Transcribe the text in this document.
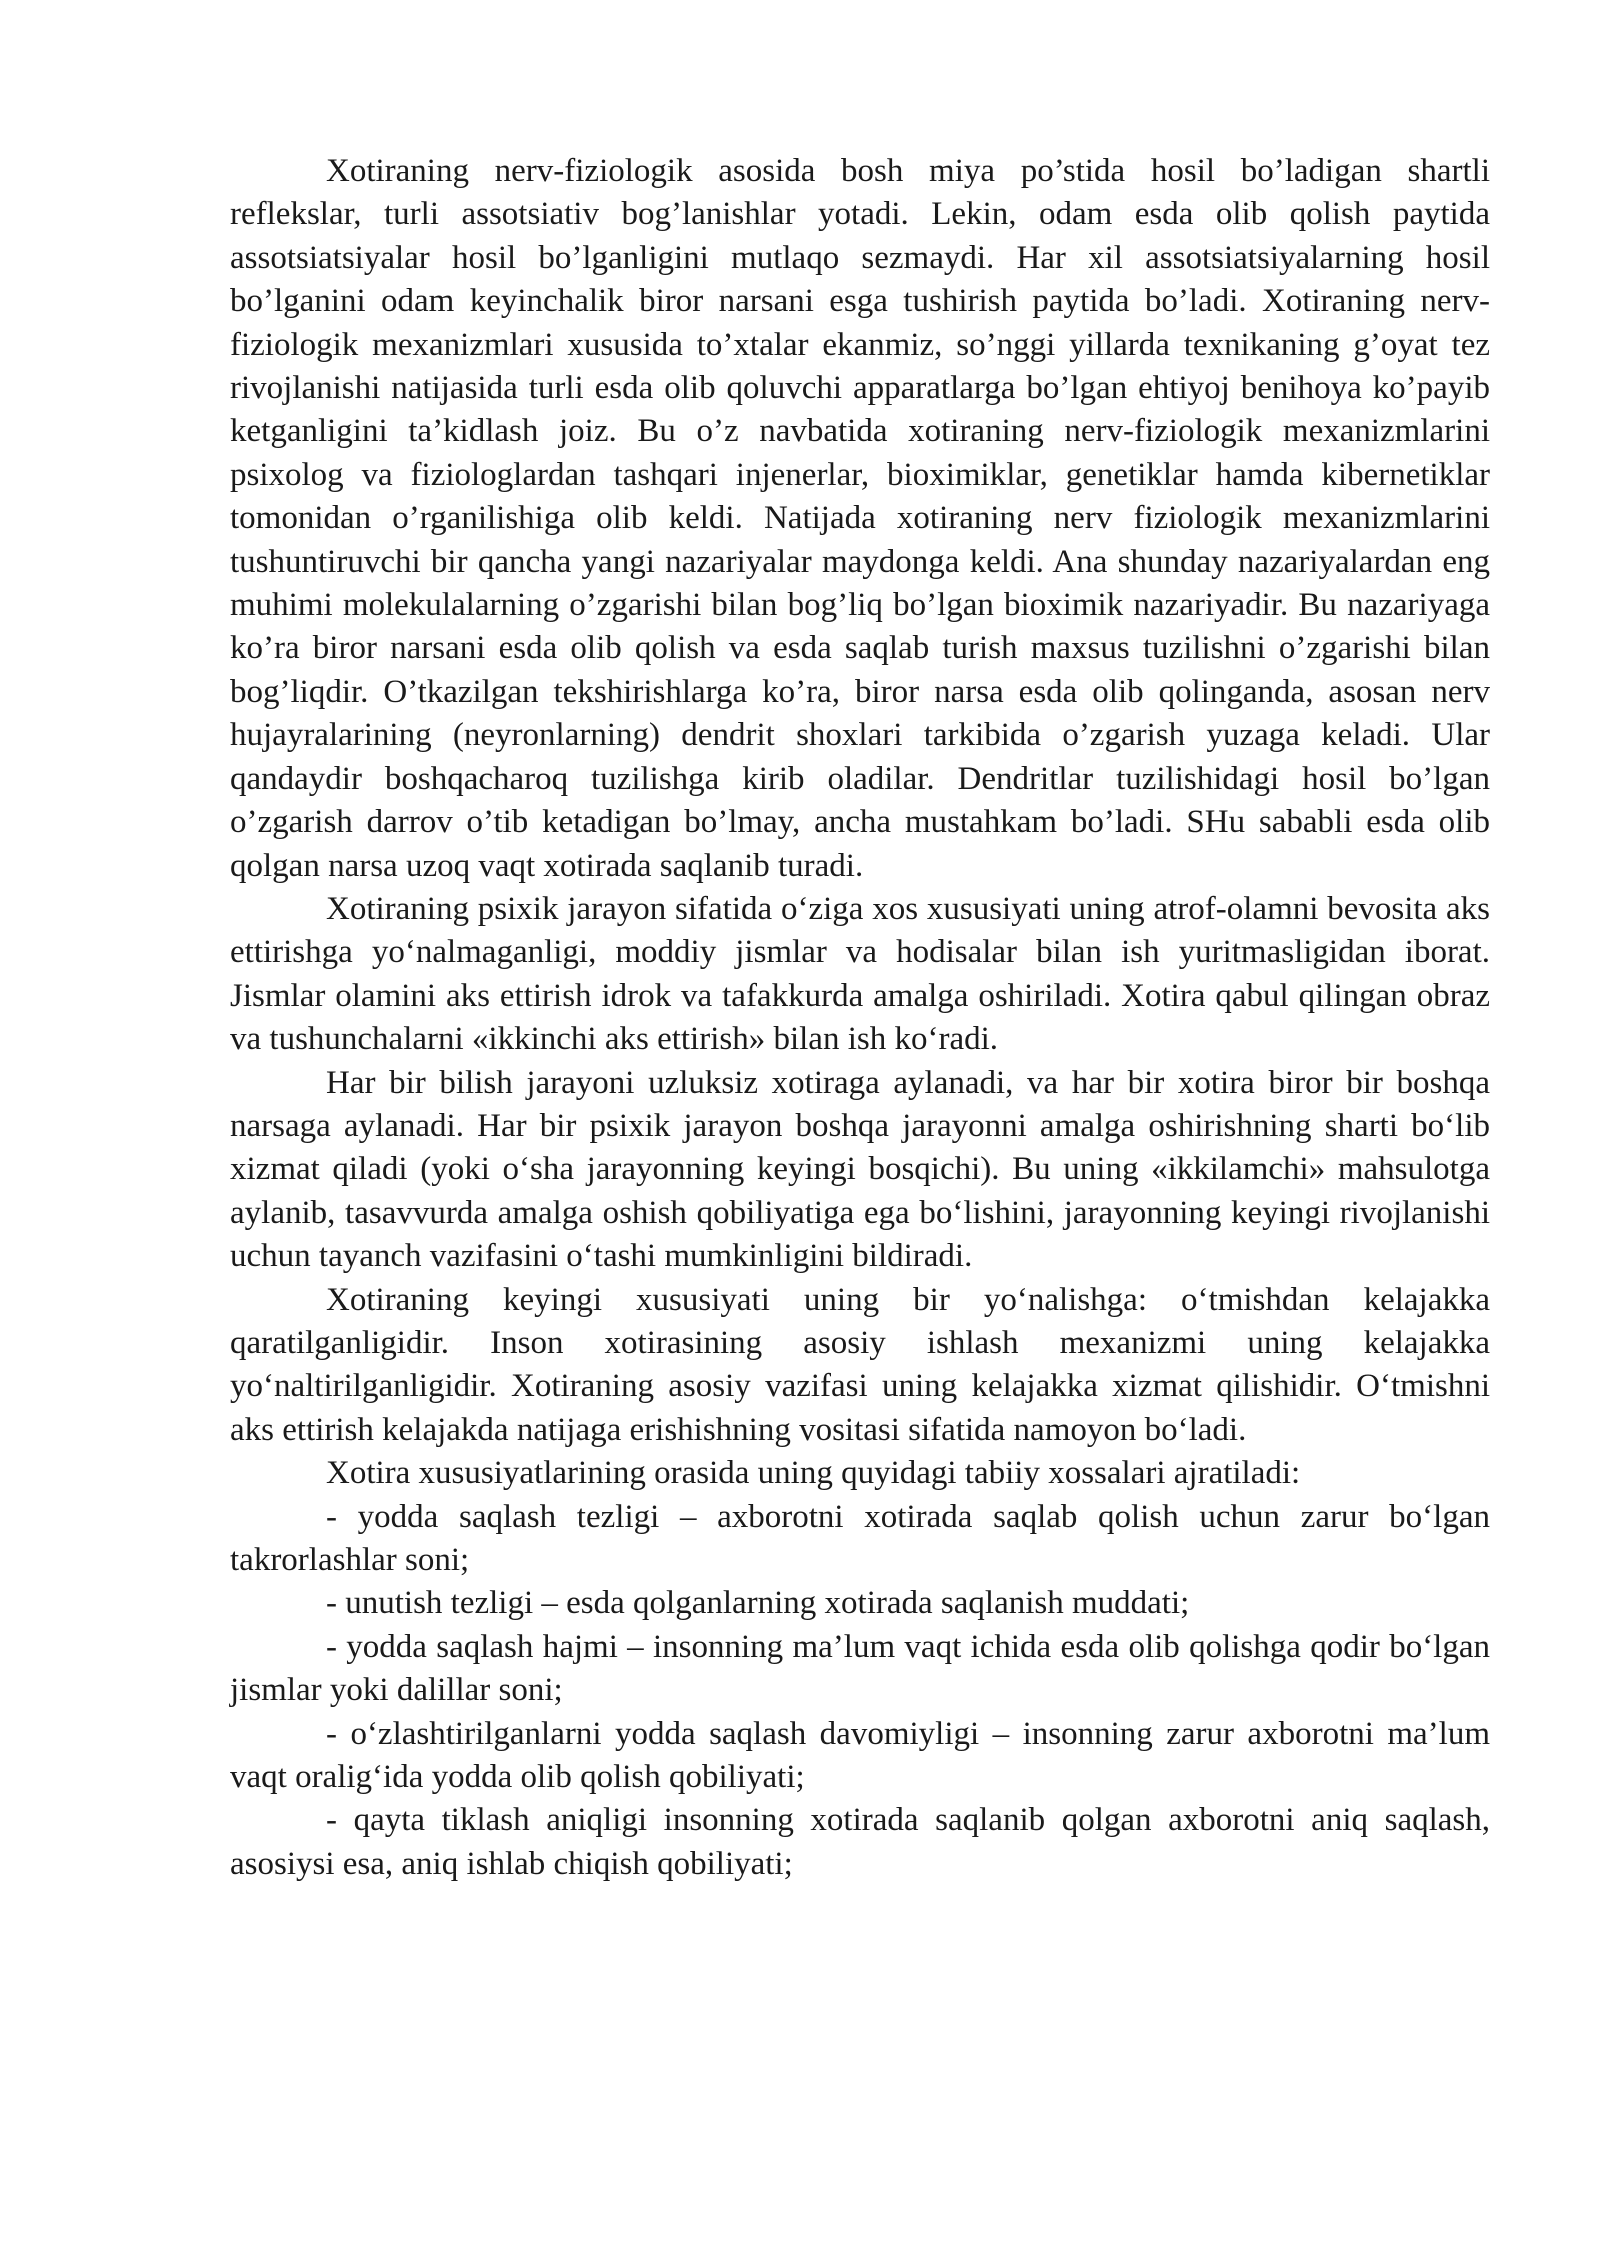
Xotiraning nerv-fiziologik asosida bosh miya po’stida hosil bo’ladigan shartli reflekslar, turli assotsiativ bog’lanishlar yotadi. Lekin, odam esda olib qolish paytida assotsiatsiyalar hosil bo’lganligini mutlaqo sezmaydi. Har xil assotsiatsiyalarning hosil bo’lganini odam keyinchalik biror narsani esga tushirish paytida bo’ladi. Xotiraning nerv-fiziologik mexanizmlari xususida to’xtalar ekanmiz, so’nggi yillarda texnikaning g’oyat tez rivojlanishi natijasida turli esda olib qoluvchi apparatlarga bo’lgan ehtiyoj benihoya ko’payib ketganligini ta’kidlash joiz. Bu o’z navbatida xotiraning nerv-fiziologik mexanizmlarini psixolog va fiziologlardan tashqari injenerlar, bioximiklar, genetiklar hamda kibernetiklar tomonidan o’rganilishiga olib keldi. Natijada xotiraning nerv fiziologik mexanizmlarini tushuntiruvchi bir qancha yangi nazariyalar maydonga keldi. Ana shunday nazariyalardan eng muhimi molekulalarning o’zgarishi bilan bog’liq bo’lgan bioximik nazariyadir. Bu nazariyaga ko’ra biror narsani esda olib qolish va esda saqlab turish maxsus tuzilishni o’zgarishi bilan bog’liqdir. O’tkazilgan tekshirishlarga ko’ra, biror narsa esda olib qolinganda, asosan nerv hujayralarining (neyronlarning) dendrit shoxlari tarkibida o’zgarish yuzaga keladi. Ular qandaydir boshqacharoq tuzilishga kirib oladilar. Dendritlar tuzilishidagi hosil bo’lgan o’zgarish darrov o’tib ketadigan bo’lmay, ancha mustahkam bo’ladi. SHu sababli esda olib qolgan narsa uzoq vaqt xotirada saqlanib turadi.

Xotiraning psixik jarayon sifatida o‘ziga xos xususiyati uning atrof-olamni bevosita aks ettirishga yo‘nalmaganligi, moddiy jismlar va hodisalar bilan ish yuritmasligidan iborat. Jismlar olamini aks ettirish idrok va tafakkurda amalga oshiriladi. Xotira qabul qilingan obraz va tushunchalarni «ikkinchi aks ettirish» bilan ish ko‘radi.

Har bir bilish jarayoni uzluksiz xotiraga aylanadi, va har bir xotira biror bir boshqa narsaga aylanadi. Har bir psixik jarayon boshqa jarayonni amalga oshirishning sharti bo‘lib xizmat qiladi (yoki o‘sha jarayonning keyingi bosqichi). Bu uning «ikkilamchi» mahsulotga aylanib, tasavvurda amalga oshish qobiliyatiga ega bo‘lishini, jarayonning keyingi rivojlanishi uchun tayanch vazifasini o‘tashi mumkinligini bildiradi.

Xotiraning keyingi xususiyati uning bir yo‘nalishga: o‘tmishdan kelajakka qaratilganligidir. Inson xotirasining asosiy ishlash mexanizmi uning kelajakka yo‘naltirilganligidir. Xotiraning asosiy vazifasi uning kelajakka xizmat qilishidir. O‘tmishni aks ettirish kelajakda natijaga erishishning vositasi sifatida namoyon bo‘ladi.

Xotira xususiyatlarining orasida uning quyidagi tabiiy xossalari ajratiladi:

- yodda saqlash tezligi – axborotni xotirada saqlab qolish uchun zarur bo‘lgan takrorlashlar soni;

- unutish tezligi – esda qolganlarning xotirada saqlanish muddati;

- yodda saqlash hajmi – insonning ma’lum vaqt ichida esda olib qolishga qodir bo‘lgan jismlar yoki dalillar soni;

- o‘zlashtirilganlarni yodda saqlash davomiyligi – insonning zarur axborotni ma’lum vaqt oralig‘ida yodda olib qolish qobiliyati;

- qayta tiklash aniqligi insonning xotirada saqlanib qolgan axborotni aniq saqlash, asosiysi esa, aniq ishlab chiqish qobiliyati;
